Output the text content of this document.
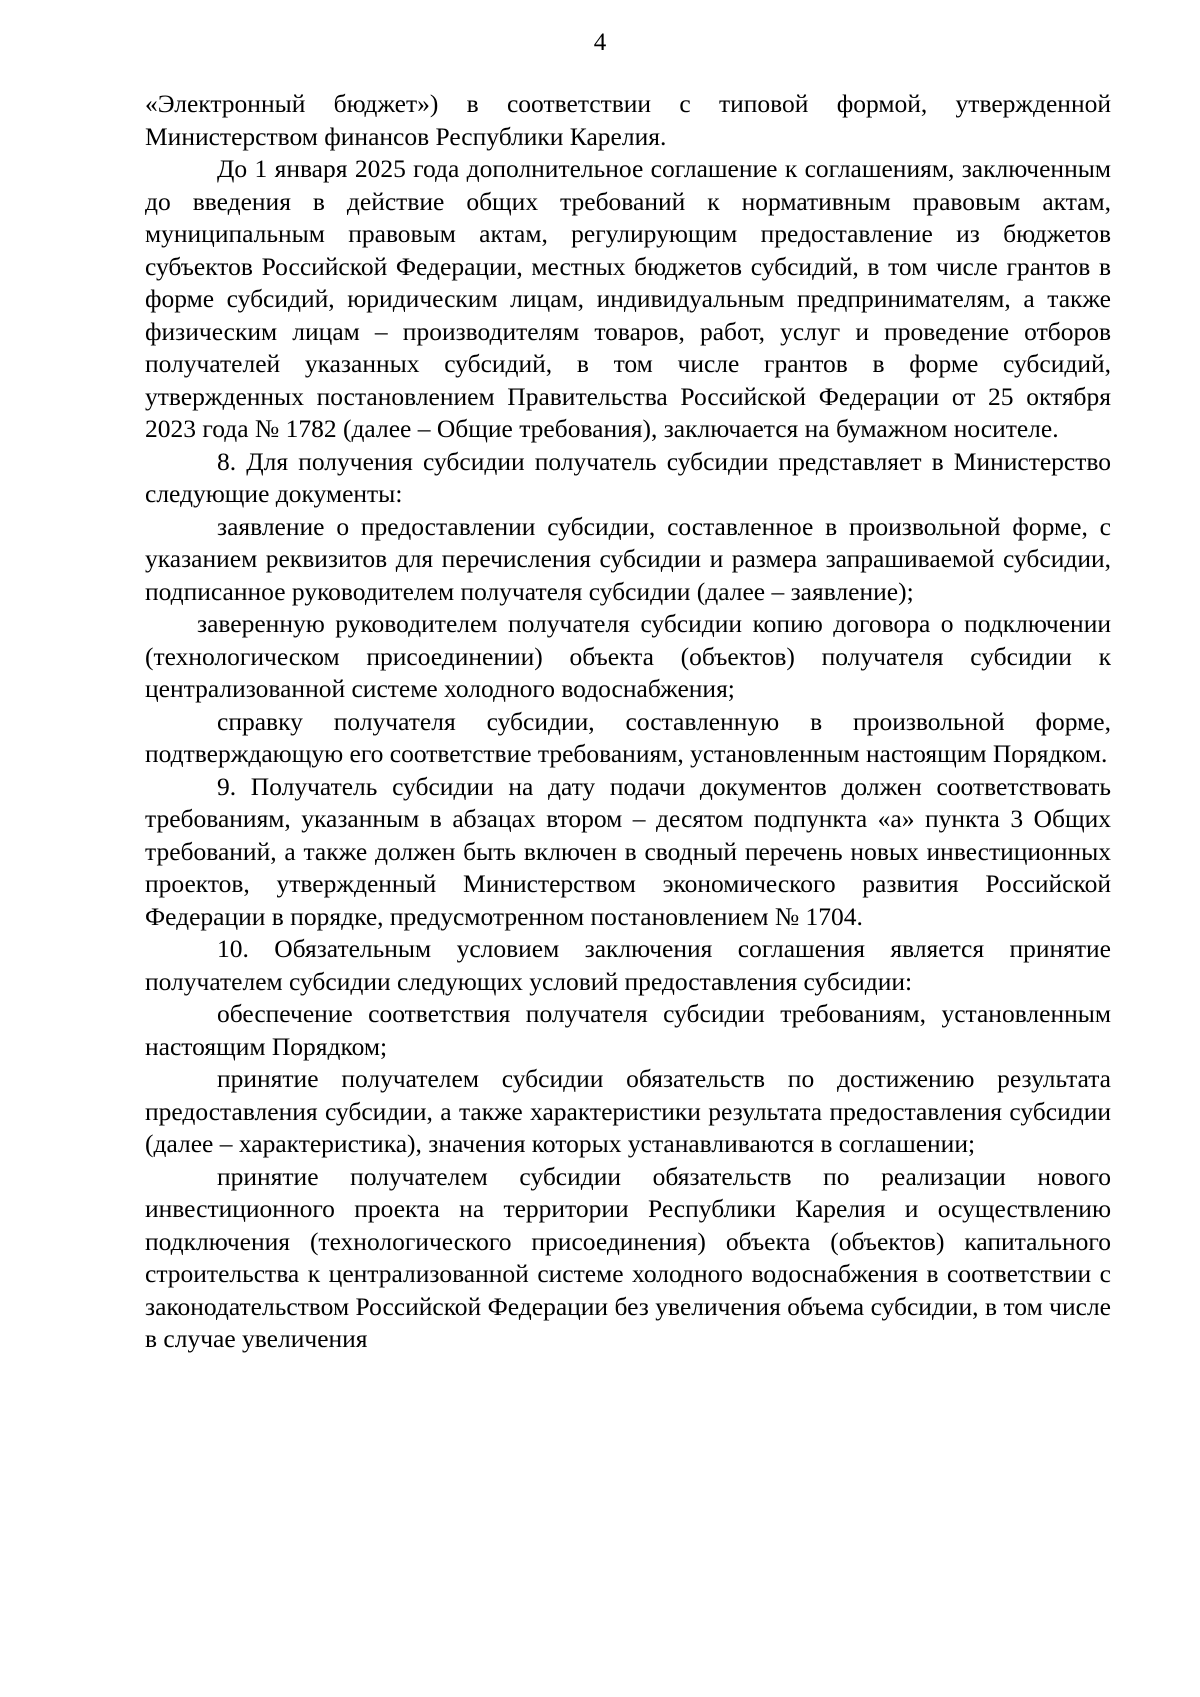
4

«Электронный бюджет») в соответствии с типовой формой, утвержденной Министерством финансов Республики Карелия.

До 1 января 2025 года дополнительное соглашение к соглашениям, заключенным до введения в действие общих требований к нормативным правовым актам, муниципальным правовым актам, регулирующим предоставление из бюджетов субъектов Российской Федерации, местных бюджетов субсидий, в том числе грантов в форме субсидий, юридическим лицам, индивидуальным предпринимателям, а также физическим лицам – производителям товаров, работ, услуг и проведение отборов получателей указанных субсидий, в том числе грантов в форме субсидий, утвержденных постановлением Правительства Российской Федерации от 25 октября 2023 года № 1782 (далее – Общие требования), заключается на бумажном носителе.

8. Для получения субсидии получатель субсидии представляет в Министерство следующие документы:

заявление о предоставлении субсидии, составленное в произвольной форме, с указанием реквизитов для перечисления субсидии и размера запрашиваемой субсидии, подписанное руководителем получателя субсидии (далее – заявление);

заверенную руководителем получателя субсидии копию договора о подключении (технологическом присоединении) объекта (объектов) получателя субсидии к централизованной системе холодного водоснабжения;

справку получателя субсидии, составленную в произвольной форме, подтверждающую его соответствие требованиям, установленным настоящим Порядком.

9. Получатель субсидии на дату подачи документов должен соответствовать требованиям, указанным в абзацах втором – десятом подпункта «а» пункта 3 Общих требований, а также должен быть включен в сводный перечень новых инвестиционных проектов, утвержденный Министерством экономического развития Российской Федерации в порядке, предусмотренном постановлением № 1704.

10. Обязательным условием заключения соглашения является принятие получателем субсидии следующих условий предоставления субсидии:

обеспечение соответствия получателя субсидии требованиям, установленным настоящим Порядком;

принятие получателем субсидии обязательств по достижению результата предоставления субсидии, а также характеристики результата предоставления субсидии (далее – характеристика), значения которых устанавливаются в соглашении;

принятие получателем субсидии обязательств по реализации нового инвестиционного проекта на территории Республики Карелия и осуществлению подключения (технологического присоединения) объекта (объектов) капитального строительства к централизованной системе холодного водоснабжения в соответствии с законодательством Российской Федерации без увеличения объема субсидии, в том числе в случае увеличения
